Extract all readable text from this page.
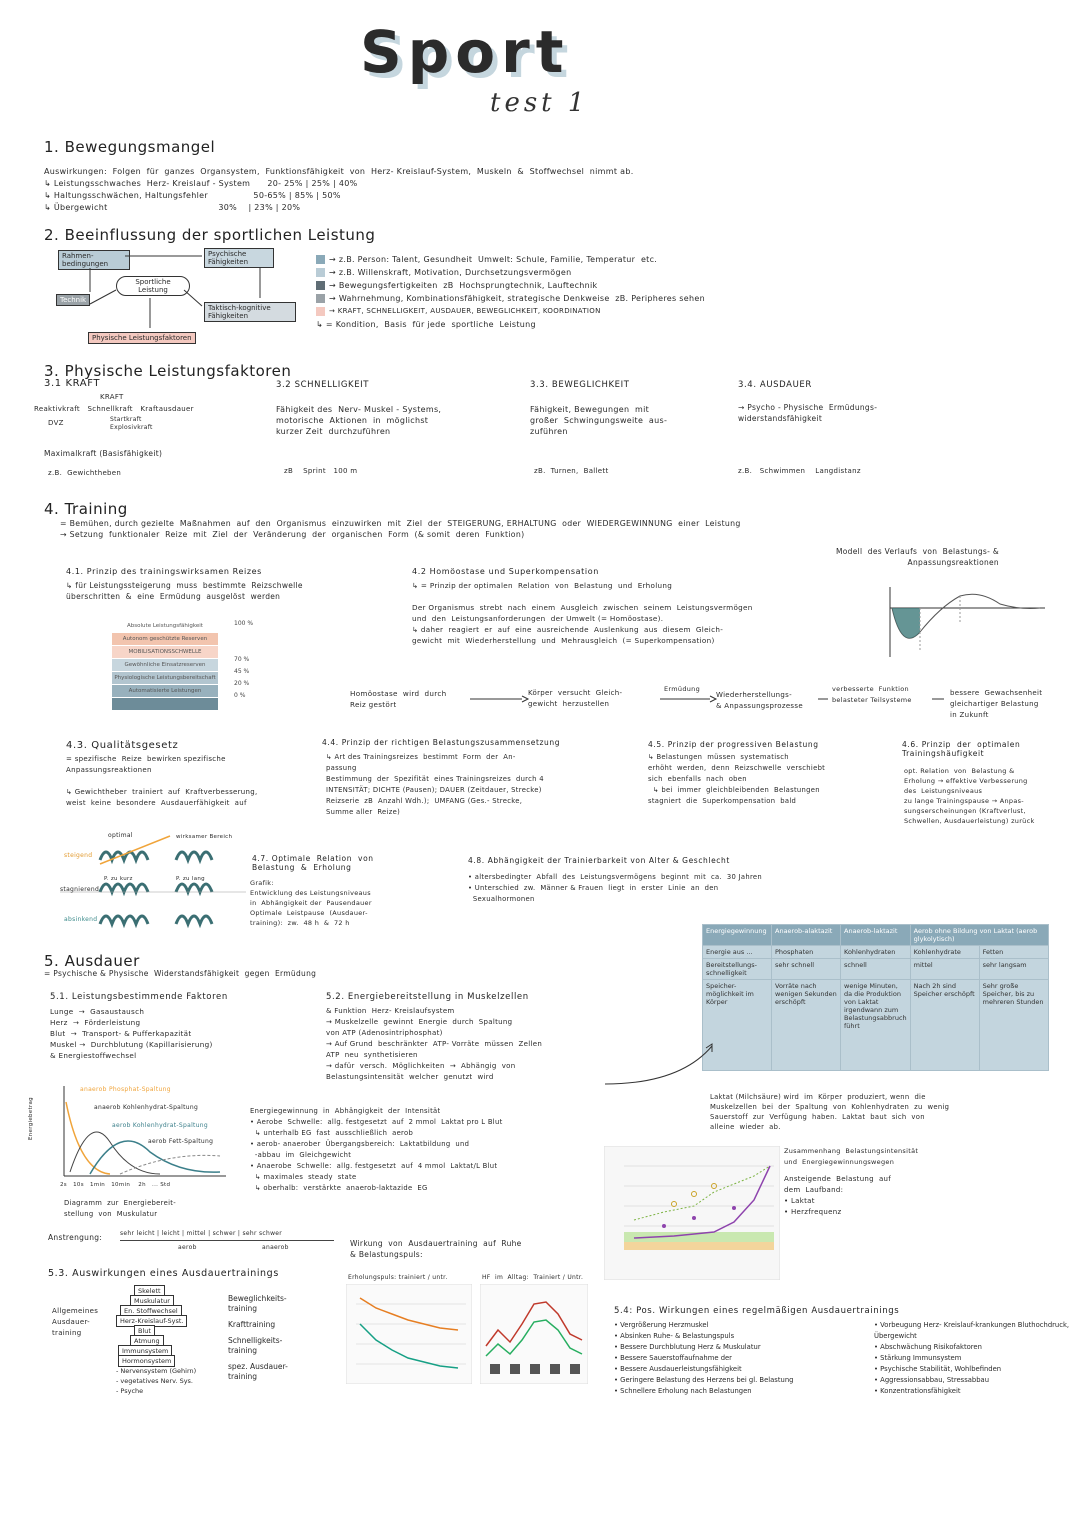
Sport
test 1
1. Bewegungsmangel
Auswirkungen:  Folgen  für  ganzes  Organsystem,  Funktionsfähigkeit  von  Herz- Kreislauf-System,  Muskeln  &  Stoffwechsel  nimmt ab.
↳ Leistungsschwaches  Herz- Kreislauf - System      20- 25% | 25% | 40%
↳ Haltungsschwächen, Haltungsfehler                50-65% | 85% | 50%
↳ Übergewicht                                       30%    | 23% | 20%
2. Beeinflussung der sportlichen Leistung
Rahmen-bedingungen
Psychische Fähigkeiten
Sportliche Leistung
Technik
Taktisch-kognitive Fähigkeiten
Physische Leistungsfaktoren
→ z.B. Person: Talent, Gesundheit  Umwelt: Schule, Familie, Temperatur  etc.
→ z.B. Willenskraft, Motivation, Durchsetzungsvermögen
→ Bewegungsfertigkeiten  zB  Hochsprungtechnik, Lauftechnik
→ Wahrnehmung, Kombinationsfähigkeit, strategische Denkweise  zB. Peripheres sehen
→ KRAFT, SCHNELLIGKEIT, AUSDAUER, BEWEGLICHKEIT, KOORDINATION
↳ = Kondition,  Basis  für jede  sportliche  Leistung
3. Physische Leistungsfaktoren
3.1 KRAFT
KRAFT
Reaktivkraft   Schnellkraft   Kraftausdauer
DVZ	Startkraft
Explosivkraft
Maximalkraft (Basisfähigkeit)
z.B.  Gewichtheben
3.2 SCHNELLIGKEIT
Fähigkeit des  Nerv- Muskel - Systems,
motorische  Aktionen  in  möglichst
kurzer Zeit  durchzuführen
zB    Sprint   100 m
3.3. BEWEGLICHKEIT
Fähigkeit, Bewegungen  mit
großer  Schwingungsweite  aus-
zuführen
zB.  Turnen,  Ballett
3.4. AUSDAUER
→ Psycho - Physische  Ermüdungs-
widerstandsfähigkeit
z.B.   Schwimmen    Langdistanz
4. Training
= Bemühen, durch gezielte  Maßnahmen  auf  den  Organismus  einzuwirken  mit  Ziel  der  STEIGERUNG, ERHALTUNG  oder  WIEDERGEWINNUNG  einer  Leistung
→ Setzung  funktionaler  Reize  mit  Ziel  der  Veränderung  der  organischen  Form  (& somit  deren  Funktion)
Modell  des Verlaufs  von  Belastungs- &
Anpassungsreaktionen
4.1. Prinzip des trainingswirksamen Reizes
↳ für Leistungssteigerung  muss  bestimmte  Reizschwelle
überschritten  &  eine  Ermüdung  ausgelöst  werden
Absolute Leistungsfähigkeit
Autonom geschützte Reserven
MOBILISATIONSSCHWELLE
Gewöhnliche Einsatzreserven
Physiologische Leistungsbereitschaft
Automatisierte Leistungen
100 %
70 %
45 %
20 %
0 %
4.2 Homöostase und Superkompensation
↳ = Prinzip der optimalen  Relation  von  Belastung  und  Erholung

Der Organismus  strebt  nach  einem  Ausgleich  zwischen  seinem  Leistungsvermögen
und  den  Leistungsanforderungen  der Umwelt (= Homöostase).
↳ daher  reagiert  er  auf  eine  ausreichende  Auslenkung  aus  diesem  Gleich-
gewicht  mit  Wiederherstellung  und  Mehrausgleich  (= Superkompensation)
Homöostase  wird  durch
Reiz gestört
Körper  versucht  Gleich-
gewicht  herzustellen
Ermüdung
Wiederherstellungs-
& Anpassungsprozesse
verbesserte  Funktion
belasteter Teilsysteme
bessere  Gewachsenheit
gleichartiger Belastung
in Zukunft
4.3. Qualitätsgesetz
= spezifische  Reize  bewirken spezifische
Anpassungsreaktionen

↳ Gewichtheber  trainiert  auf  Kraftverbesserung,
weist  keine  besondere  Ausdauerfähigkeit  auf
4.4. Prinzip der richtigen Belastungszusammensetzung
↳ Art des Trainingsreizes  bestimmt  Form  der  An-
passung
Bestimmung  der  Spezifität  eines Trainingsreizes  durch 4
INTENSITÄT; DICHTE (Pausen); DAUER (Zeitdauer, Strecke)
Reizserie  zB  Anzahl Wdh.);  UMFANG (Ges.- Strecke,
Summe aller  Reize)
4.5. Prinzip der progressiven Belastung
↳ Belastungen  müssen  systematisch
erhöht  werden,  denn  Reizschwelle  verschiebt
sich  ebenfalls  nach  oben
↳ bei  immer  gleichbleibenden  Belastungen
stagniert  die  Superkompensation  bald
4.6. Prinzip  der  optimalen
Trainingshäufigkeit
opt. Relation  von  Belastung &
Erholung → effektive Verbesserung
des  Leistungsniveaus
zu lange Trainingspause → Anpas-
sungserscheinungen (Kraftverlust,
Schwellen, Ausdauerleistung) zurück
optimal
steigend
stagnierend
absinkend
wirksamer Bereich
P. zu kurz	P. zu lang
4.7. Optimale  Relation  von
Belastung  &  Erholung
Grafik:
Entwicklung des Leistungsniveaus
in  Abhängigkeit der  Pausendauer
Optimale  Leistpause  (Ausdauer-
training):  zw.  48 h  &  72 h
4.8. Abhängigkeit der Trainierbarkeit von Alter & Geschlecht
• altersbedingter  Abfall  des  Leistungsvermögens  beginnt  mit  ca.  30 Jahren
• Unterschied  zw.  Männer & Frauen  liegt  in  erster  Linie  an  den
Sexualhormonen
5. Ausdauer
= Psychische & Physische  Widerstandsfähigkeit  gegen  Ermüdung
5.1. Leistungsbestimmende Faktoren
Lunge  →  Gasaustausch
Herz  →  Förderleistung
Blut  →  Transport- & Pufferkapazität
Muskel →  Durchblutung (Kapillarisierung)
& Energiestoffwechsel
5.2. Energiebereitstellung in Muskelzellen
& Funktion  Herz- Kreislaufsystem
→ Muskelzelle  gewinnt  Energie  durch  Spaltung
von ATP (Adenosintriphosphat)
→ Auf Grund  beschränkter  ATP- Vorräte  müssen  Zellen
ATP  neu  synthetisieren
→ dafür  versch.  Möglichkeiten  →  Abhängig  von
Belastungsintensität  welcher  genutzt  wird
Energiegewinnung	Anaerob-alaktazit	Anaerob-laktazit	Aerob ohne Bildung von Laktat (aerob glykolytisch)	
Energie aus ...	Phosphaten	Kohlenhydraten	Kohlenhydrate	Fetten
Bereitstellungs-schnelligkeit	sehr schnell	schnell	mittel	sehr langsam
Speicher-möglichkeit im Körper	Vorräte nach wenigen Sekunden erschöpft	wenige Minuten, da die Produktion von Laktat irgendwann zum Belastungsabbruch führt	Nach 2h sind Speicher erschöpft	Sehr große Speicher, bis zu mehreren Stunden
anaerob Phosphat-Spaltung
anaerob Kohlenhydrat-Spaltung
aerob Kohlenhydrat-Spaltung
aerob Fett-Spaltung
Energiebetrag
2s   10s   1min   10min    2h   ... Std
Diagramm  zur  Energiebereit-
stellung  von  Muskulatur
Energiegewinnung  in  Abhängigkeit  der  Intensität
• Aerobe  Schwelle:  allg. festgesetzt  auf  2 mmol  Laktat pro L Blut
↳ unterhalb EG  fast  ausschließlich  aerob
• aerob- anaerober  Übergangsbereich:  Laktatbildung  und
-abbau  im  Gleichgewicht
• Anaerobe  Schwelle:  allg. festgesetzt  auf  4 mmol  Laktat/L Blut
↳ maximales  steady  state
↳ oberhalb:  verstärkte  anaerob-laktazide  EG
Laktat (Milchsäure) wird  im  Körper  produziert, wenn  die
Muskelzellen  bei  der  Spaltung  von  Kohlenhydraten  zu  wenig
Sauerstoff  zur  Verfügung  haben.  Laktat  baut  sich  von
alleine  wieder  ab.
Zusammenhang  Belastungsintensität
und  Energiegewinnungswegen
Ansteigende  Belastung  auf
dem  Laufband:
• Laktat
• Herzfrequenz
Anstrengung:	sehr leicht | leicht | mittel | schwer | sehr schwer
aerob	anaerob	Wirkung  von  Ausdauertraining  auf  Ruhe
& Belastungspuls:
5.3. Auswirkungen eines Ausdauertrainings
Allgemeines Ausdauer-training
Skelett
Muskulatur
En. Stoffwechsel
Herz-Kreislauf-Syst.
Blut
Atmung
Immunsystem
Hormonsystem
- Nervensystem (Gehirn)
- vegetatives Nerv. Sys.
- Psyche
Beweglichkeits-training
Krafttraining
Schnelligkeits-training
spez. Ausdauer-training
Erholungspuls: trainiert / untr.	HF  im  Alltag:  Trainiert / Untr.
5.4: Pos. Wirkungen eines regelmäßigen Ausdauertrainings
• Vergrößerung Herzmuskel
• Absinken Ruhe- & Belastungspuls
• Bessere Durchblutung Herz & Muskulatur
• Bessere Sauerstoffaufnahme der
• Bessere Ausdauerleistungsfähigkeit
• Geringere Belastung des Herzens bei gl. Belastung
• Schnellere Erholung nach Belastungen
• Vorbeugung Herz- Kreislauf-krankungen Bluthochdruck, Übergewicht
• Abschwächung Risikofaktoren
• Stärkung Immunsystem
• Psychische Stabilität, Wohlbefinden
• Aggressionsabbau, Stressabbau
• Konzentrationsfähigkeit
